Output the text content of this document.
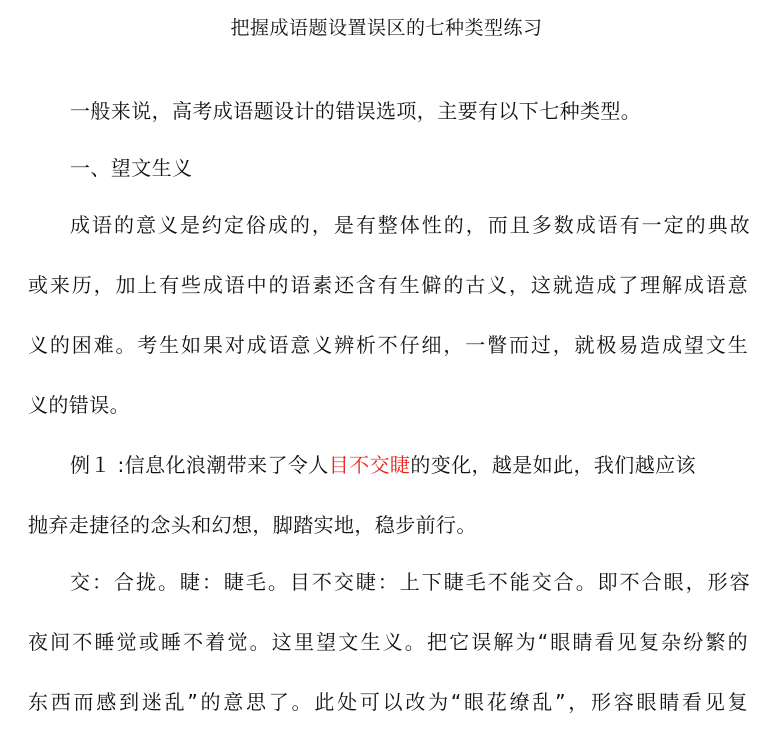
把握成语题设置误区的七种类型练习
一般来说，高考成语题设计的错误选项，主要有以下七种类型。
一、望文生义
成语的意义是约定俗成的，是有整体性的，而且多数成语有一定的典故
或来历，加上有些成语中的语素还含有生僻的古义，这就造成了理解成语意
义的困难。考生如果对成语意义辨析不仔细，一瞥而过，就极易造成望文生
义的错误。
例１ :信息化浪潮带来了令人目不交睫的变化，越是如此，我们越应该
抛弃走捷径的念头和幻想，脚踏实地，稳步前行。
交：合拢。睫：睫毛。目不交睫：上下睫毛不能交合。即不合眼，形容
夜间不睡觉或睡不着觉。这里望文生义。把它误解为“眼睛看见复杂纷繁的
东西而感到迷乱”的意思了。此处可以改为“眼花缭乱”，形容眼睛看见复
